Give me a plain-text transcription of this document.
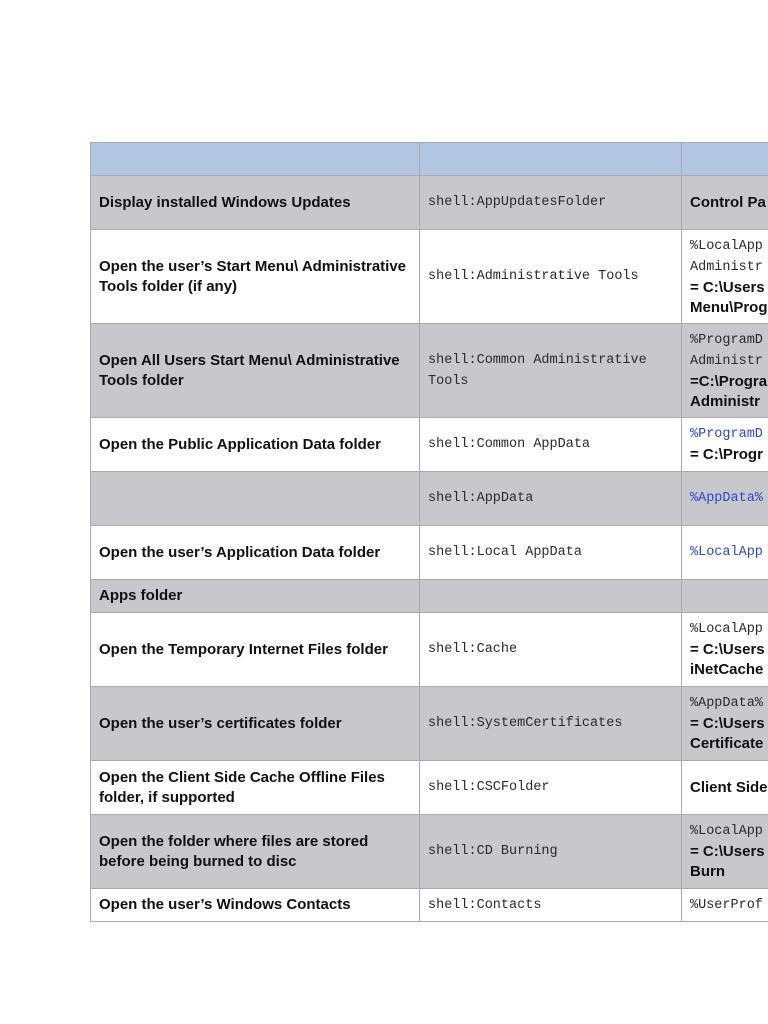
Display installed Windows Updates	shell:AppUpdatesFolder	Control Pa

Open the user’s Start Menu\ Administrative Tools folder (if any)	shell:Administrative Tools	%LocalApp
Administr
= C:\Users
Menu\Prog

Open All Users Start Menu\ Administrative Tools folder	shell:Common Administrative Tools	%ProgramD
Administr
=C:\Progra
Administr

Open the Public Application Data folder	shell:Common AppData	%ProgramD
= C:\Progr

	shell:AppData	%AppData%

Open the user’s Application Data folder	shell:Local AppData	%LocalApp

Apps folder		
Open the Temporary Internet Files folder	shell:Cache	%LocalApp
= C:\Users
iNetCache

Open the user’s certificates folder	shell:SystemCertificates	%AppData%
= C:\Users
Certificate

Open the Client Side Cache Offline Files folder, if supported	shell:CSCFolder	Client Side

Open the folder where files are stored before being burned to disc	shell:CD Burning	%LocalApp
= C:\Users
Burn

Open the user’s Windows Contacts	shell:Contacts	%UserProf
